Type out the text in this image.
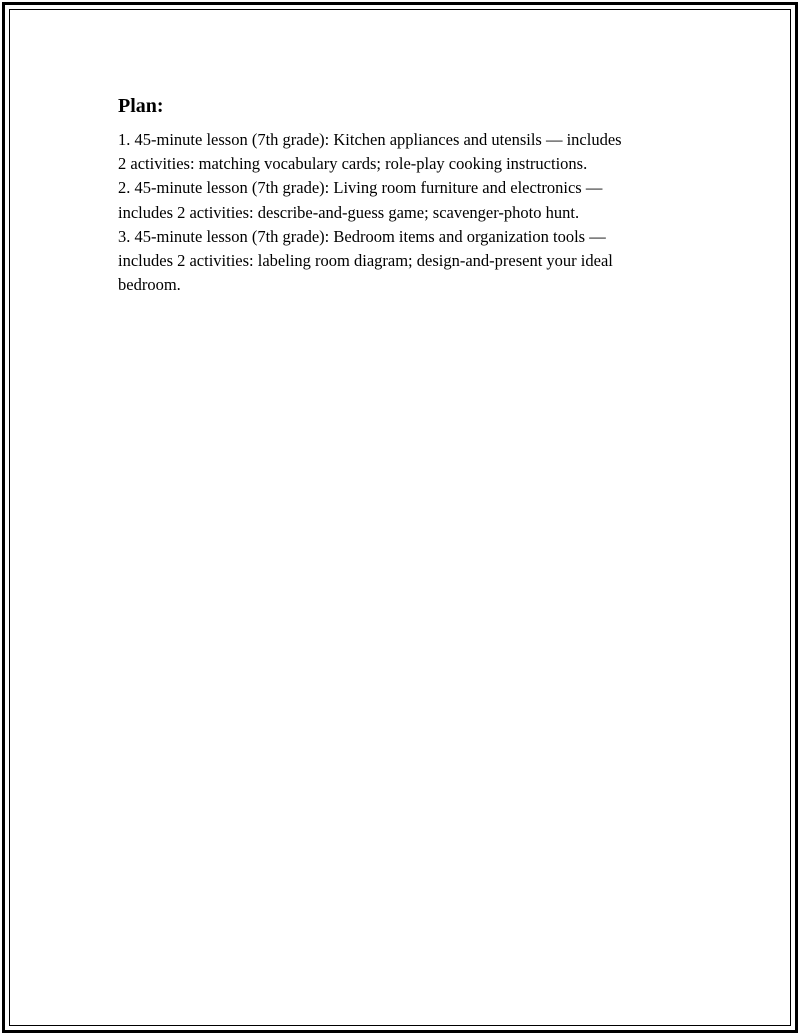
Plan:

1. 45-minute lesson (7th grade): Kitchen appliances and utensils — includes

2 activities: matching vocabulary cards; role-play cooking instructions.

2. 45-minute lesson (7th grade): Living room furniture and electronics —

includes 2 activities: describe-and-guess game; scavenger-photo hunt.

3. 45-minute lesson (7th grade): Bedroom items and organization tools —

includes 2 activities: labeling room diagram; design-and-present your ideal

bedroom.
